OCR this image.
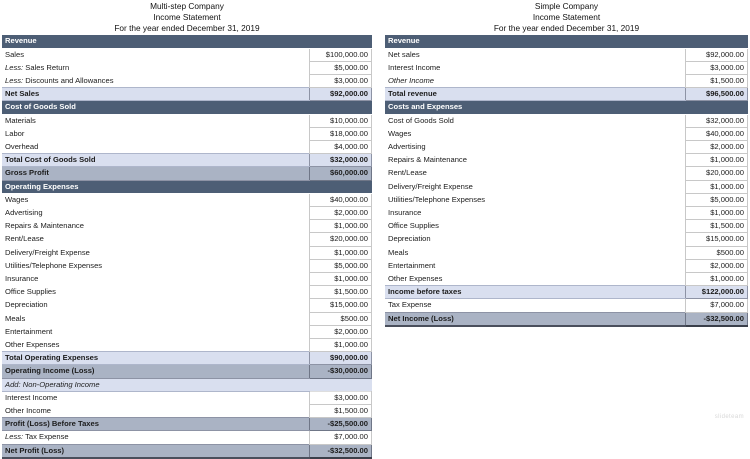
Multi-step Company
Income Statement
For the year ended December 31, 2019
Revenue	
Sales	$100,000.00
Less: Sales Return	$5,000.00
Less: Discounts and Allowances	$3,000.00
Net Sales	$92,000.00
Cost of Goods Sold	
Materials	$10,000.00
Labor	$18,000.00
Overhead	$4,000.00
Total Cost of Goods Sold	$32,000.00
Gross Profit	$60,000.00
Operating Expenses	
Wages	$40,000.00
Advertising	$2,000.00
Repairs & Maintenance	$1,000.00
Rent/Lease	$20,000.00
Delivery/Freight Expense	$1,000.00
Utilities/Telephone Expenses	$5,000.00
Insurance	$1,000.00
Office Supplies	$1,500.00
Depreciation	$15,000.00
Meals	$500.00
Entertainment	$2,000.00
Other Expenses	$1,000.00
Total Operating Expenses	$90,000.00
Operating Income (Loss)	-$30,000.00
Add: Non-Operating Income	
Interest Income	$3,000.00
Other Income	$1,500.00
Profit (Loss) Before Taxes	-$25,500.00
Less: Tax Expense	$7,000.00
Net Profit (Loss)	-$32,500.00
Simple Company
Income Statement
For the year ended December 31, 2019
Revenue	
Net sales	$92,000.00
Interest Income	$3,000.00
Other Income	$1,500.00
Total revenue	$96,500.00
Costs and Expenses	
Cost of Goods Sold	$32,000.00
Wages	$40,000.00
Advertising	$2,000.00
Repairs & Maintenance	$1,000.00
Rent/Lease	$20,000.00
Delivery/Freight Expense	$1,000.00
Utilities/Telephone Expenses	$5,000.00
Insurance	$1,000.00
Office Supplies	$1,500.00
Depreciation	$15,000.00
Meals	$500.00
Entertainment	$2,000.00
Other Expenses	$1,000.00
Income before taxes	$122,000.00
Tax Expense	$7,000.00
Net Income (Loss)	-$32,500.00
slideteam
